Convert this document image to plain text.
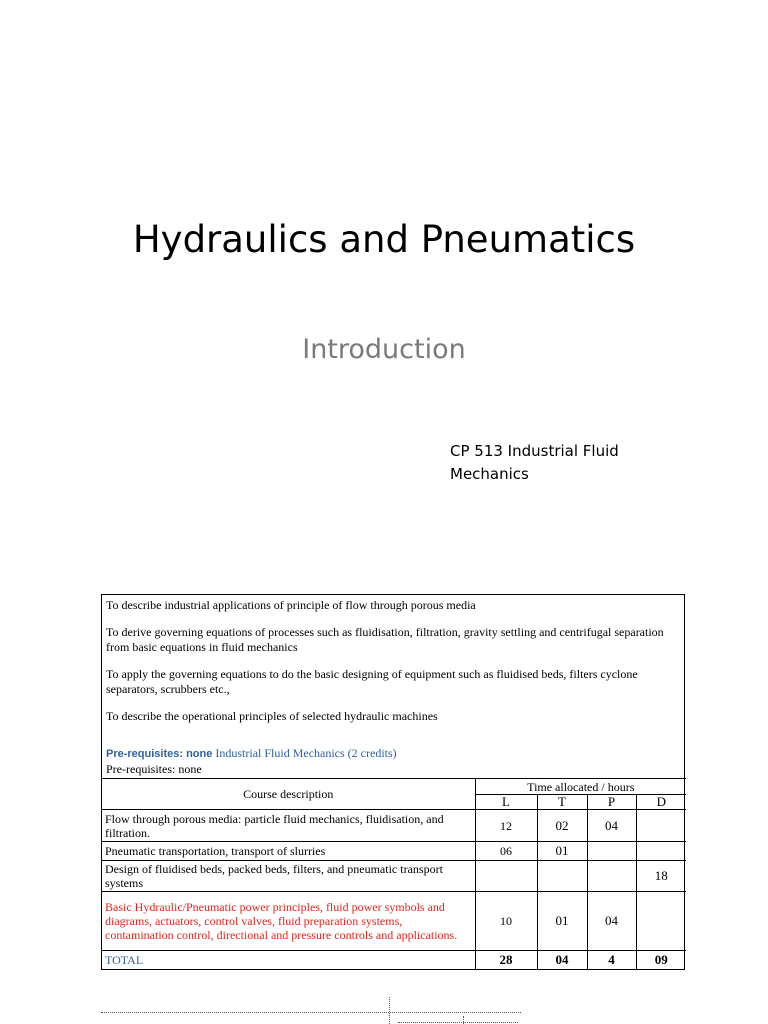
Hydraulics and Pneumatics
Introduction
CP 513 Industrial Fluid
Mechanics

To describe industrial applications of principle of flow through porous media

To derive governing equations of processes such as fluidisation, filtration, gravity settling and centrifugal separation from basic equations in fluid mechanics

To apply the governing equations to do the basic designing of equipment such as fluidised beds, filters cyclone separators, scrubbers etc.,

To describe the operational principles of selected hydraulic machines

Pre-requisites: none Industrial Fluid Mechanics (2 credits)
Pre-requisites: none
Course description	Time allocated / hours			
	L	T	P	D
Flow through porous media: particle fluid mechanics, fluidisation, and filtration.	12	02	04	
Pneumatic transportation, transport of slurries	06	01		
Design of fluidised beds, packed beds, filters, and pneumatic transport systems				18
Basic Hydraulic/Pneumatic power principles, fluid power symbols and diagrams, actuators, control valves, fluid preparation systems, contamination control, directional and pressure controls and applications.	10	01	04	
TOTAL	28	04	4	09
